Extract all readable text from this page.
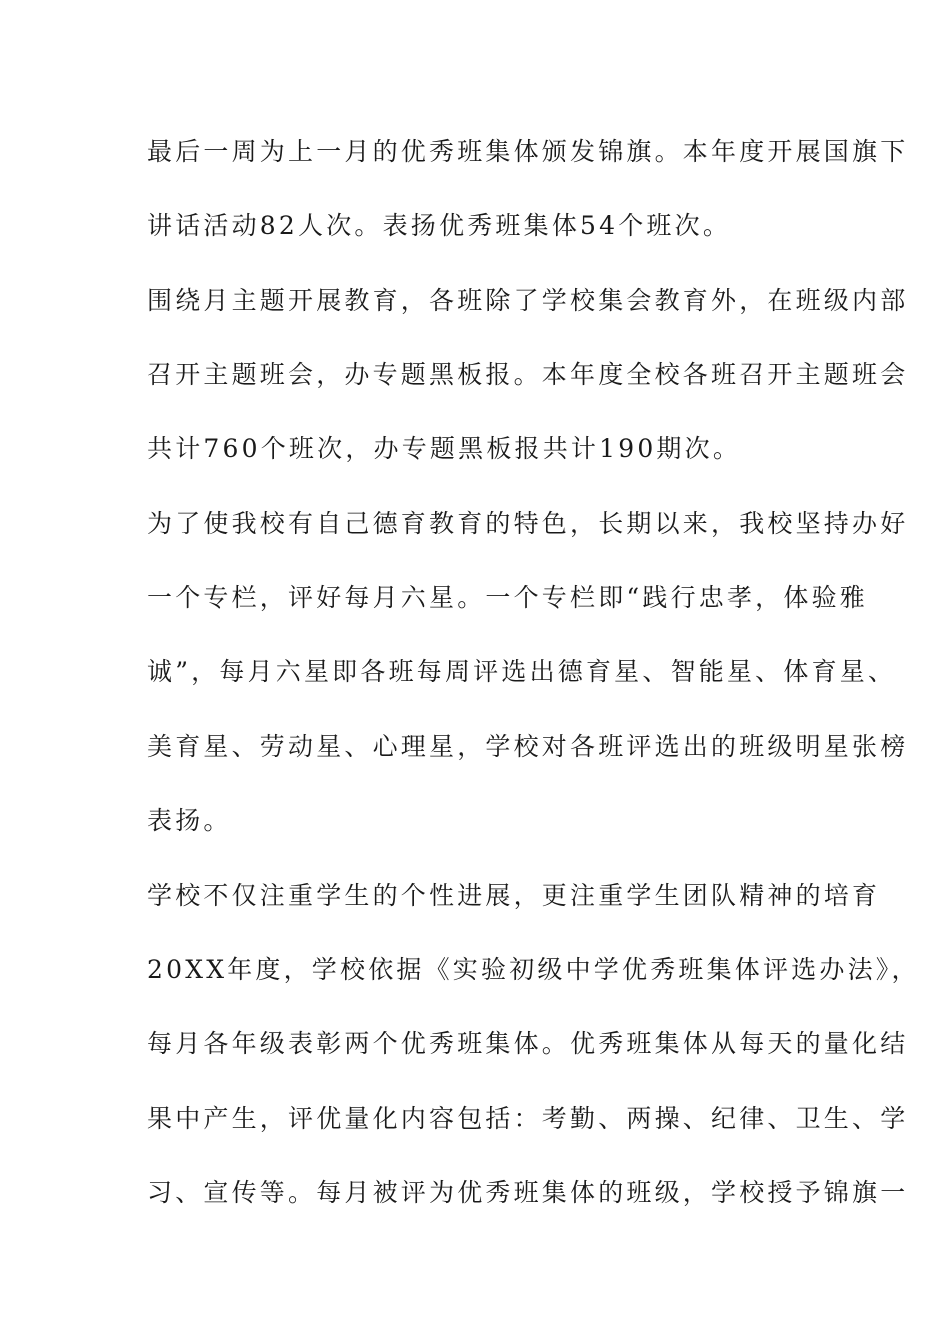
最后一周为上一月的优秀班集体颁发锦旗。本年度开展国旗下
讲话活动82人次。表扬优秀班集体54个班次。
围绕月主题开展教育，各班除了学校集会教育外，在班级内部
召开主题班会，办专题黑板报。本年度全校各班召开主题班会
共计760个班次，办专题黑板报共计190期次。
为了使我校有自己德育教育的特色，长期以来，我校坚持办好
一个专栏，评好每月六星。一个专栏即“践行忠孝，体验雅
诚”，每月六星即各班每周评选出德育星、智能星、体育星、
美育星、劳动星、心理星，学校对各班评选出的班级明星张榜
表扬。
学校不仅注重学生的个性进展，更注重学生团队精神的培育
20XX年度，学校依据《实验初级中学优秀班集体评选办法》，
每月各年级表彰两个优秀班集体。优秀班集体从每天的量化结
果中产生，评优量化内容包括：考勤、两操、纪律、卫生、学
习、宣传等。每月被评为优秀班集体的班级，学校授予锦旗一
